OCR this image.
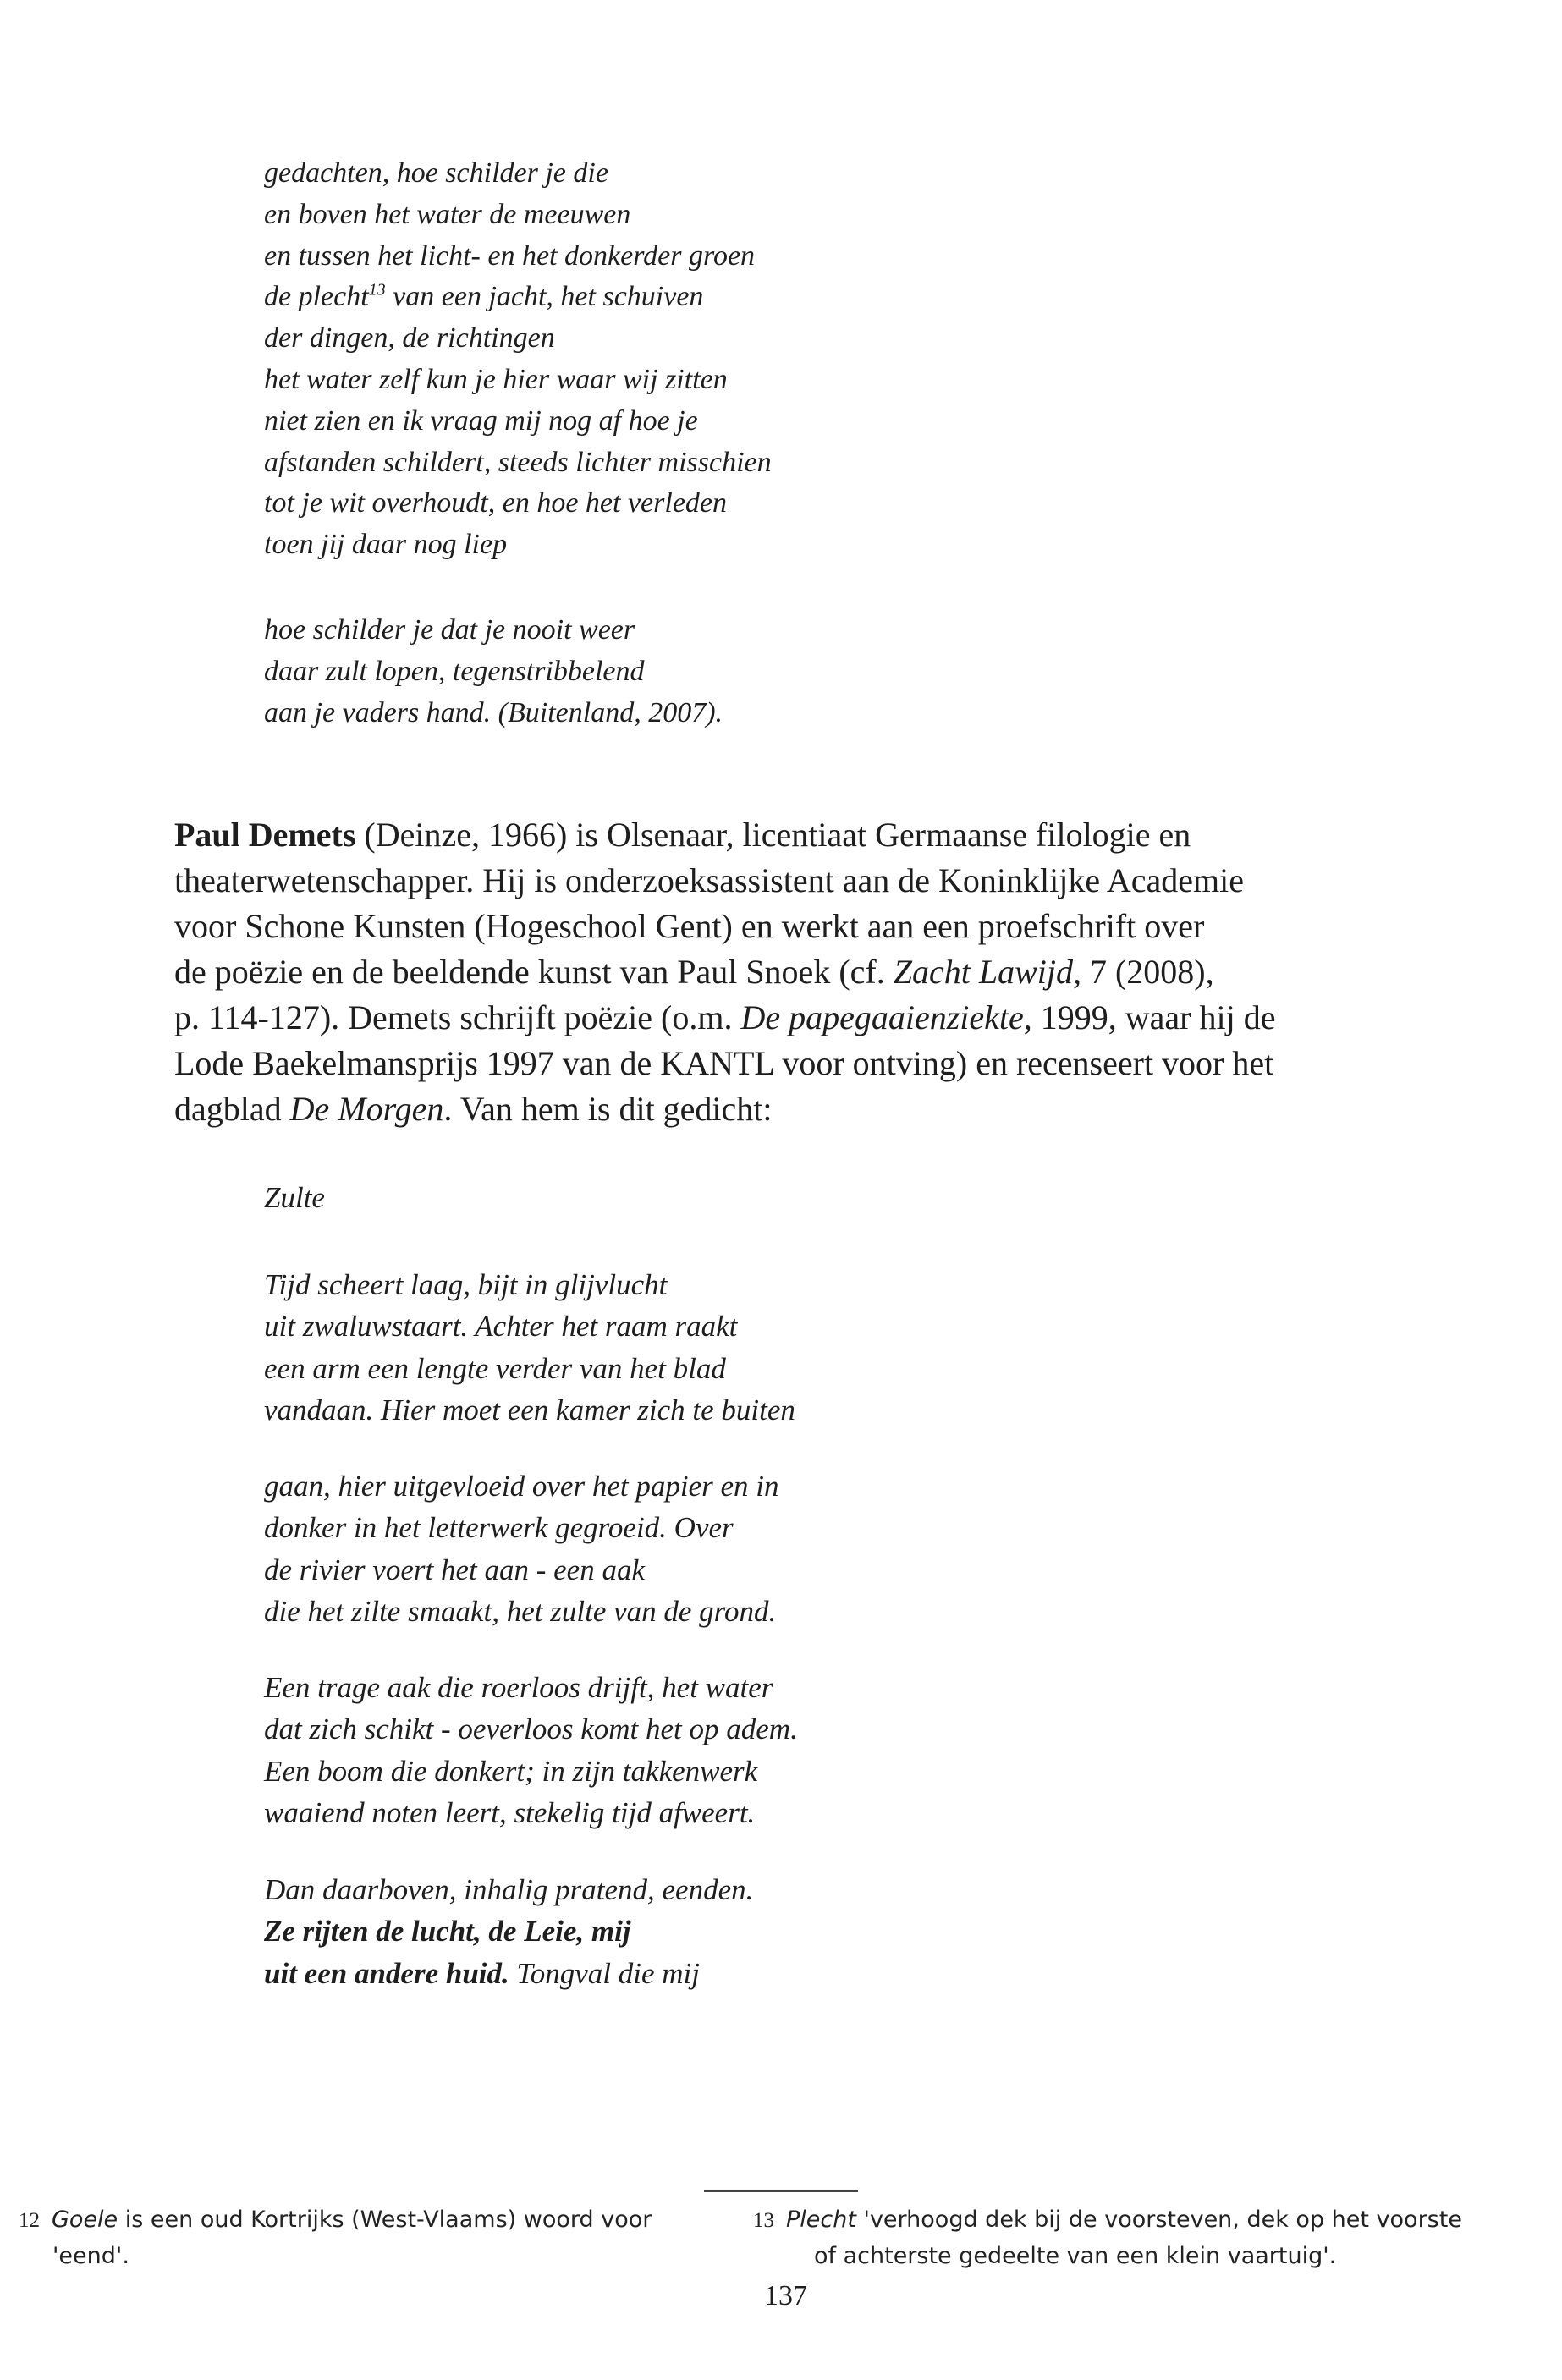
gedachten, hoe schilder je die
en boven het water de meeuwen
en tussen het licht- en het donkerder groen
de plecht$^{13}$ van een jacht, het schuiven
der dingen, de richtingen
het water zelf kun je hier waar wij zitten
niet zien en ik vraag mij nog af hoe je
afstanden schildert, steeds lichter misschien
tot je wit overhoudt, en hoe het verleden
toen jij daar nog liep
hoe schilder je dat je nooit weer
daar zult lopen, tegenstribbelend
aan je vaders hand. (Buitenland, 2007).
Paul Demets (Deinze, 1966) is Olsenaar, licentiaat Germaanse filologie en
theaterwetenschapper. Hij is onderzoeksassistent aan de Koninklijke Academie
voor Schone Kunsten (Hogeschool Gent) en werkt aan een proefschrift over
de poëzie en de beeldende kunst van Paul Snoek (cf. Zacht Lawijd, 7 (2008),
p. 114-127). Demets schrijft poëzie (o.m. De papegaaienziekte, 1999, waar hij de
Lode Baekelmansprijs 1997 van de KANTL voor ontving) en recenseert voor het
dagblad De Morgen. Van hem is dit gedicht:

Zulte

Tijd scheert laag, bijt in glijvlucht
uit zwaluwstaart. Achter het raam raakt
een arm een lengte verder van het blad
vandaan. Hier moet een kamer zich te buiten
gaan, hier uitgevloeid over het papier en in
donker in het letterwerk gegroeid. Over
de rivier voert het aan - een aak
die het zilte smaakt, het zulte van de grond.
Een trage aak die roerloos drijft, het water
dat zich schikt - oeverloos komt het op adem.
Een boom die donkert; in zijn takkenwerk
waaiend noten leert, stekelig tijd afweert.
Dan daarboven, inhalig pratend, eenden.
Ze rijten de lucht, de Leie, mij
uit een andere huid. Tongval die mij
12 Goele is een oud Kortrijks (West-Vlaams) woord voor
'eend'.
13 Plecht 'verhoogd dek bij de voorsteven, dek op het voorste
of achterste gedeelte van een klein vaartuig'.

137
